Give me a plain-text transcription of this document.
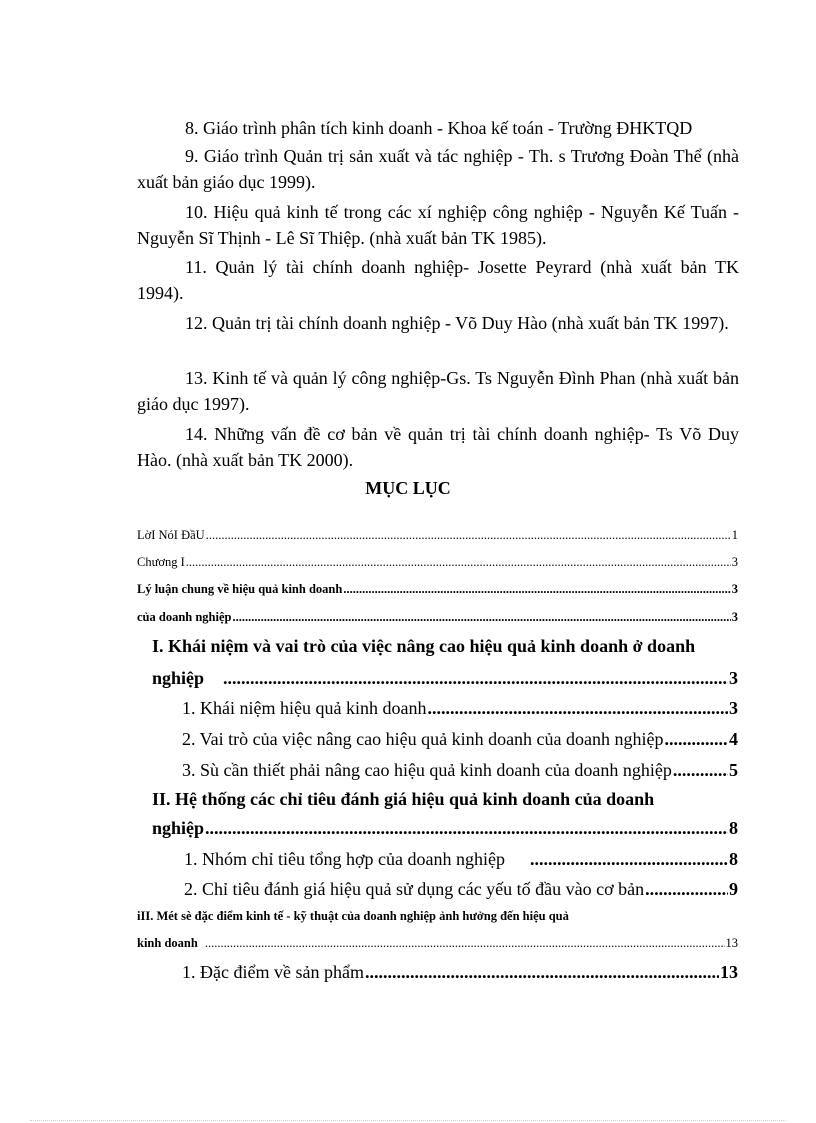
8. Giáo trình phân tích kinh doanh - Khoa kế toán - Trường ĐHKTQD
9. Giáo trình Quản trị sản xuất và tác nghiệp - Th. s Trương Đoàn Thể (nhà xuất bản giáo dục 1999).
10. Hiệu quả kinh tế trong các xí nghiệp công nghiệp - Nguyễn Kế Tuấn - Nguyễn Sĩ Thịnh - Lê Sĩ Thiệp. (nhà xuất bản TK 1985).
11. Quản lý tài chính doanh nghiệp- Josette Peyrard (nhà xuất bản TK 1994).
12. Quản trị tài chính doanh nghiệp - Võ Duy Hào (nhà xuất bản TK 1997).
13. Kinh tế và quản lý công nghiệp-Gs. Ts Nguyễn Đình Phan (nhà xuất bản giáo dục 1997).
14. Những vấn đề cơ bản về quản trị tài chính doanh nghiệp- Ts Võ Duy Hào. (nhà xuất bản TK 2000).
MỤC LỤC
LờI NóI ĐầU .....	1
Chương I .....	3
Lý luận chung về hiệu quả kinh doanh .....	3
của doanh nghiệp .....	3
I. Khái niệm và vai trò của việc nâng cao hiệu quả kinh doanh ở doanh
nghiệp .....	3
1. Khái niệm hiệu quả kinh doanh .....	3
2. Vai trò của việc nâng cao hiệu quả kinh doanh của doanh nghiệp .....	4
3. Sù cần thiết phải nâng cao hiệu quả kinh doanh của doanh nghiệp .....	5
II. Hệ thống các chỉ tiêu đánh giá hiệu quả kinh doanh của doanh
nghiệp .....	8
1. Nhóm chỉ tiêu tổng hợp của doanh nghiệp .....	8
2. Chỉ tiêu đánh giá hiệu quả sử dụng các yếu tố đầu vào cơ bản .....	9
iII. Mét sè đặc điểm kinh tế - kỹ thuật của doanh nghiệp ảnh hưởng đến hiệu quả
kinh doanh .....	13
1. Đặc điểm về sản phẩm .....	13
